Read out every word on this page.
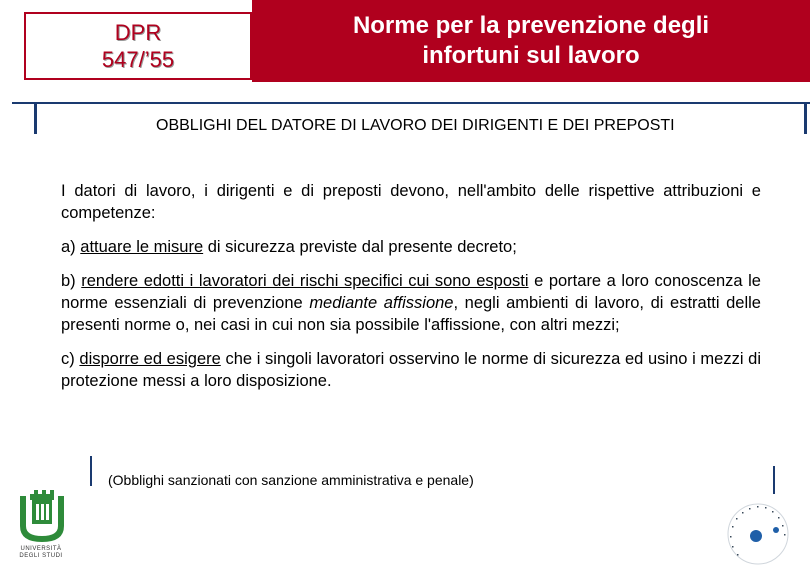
DPR
547/’55
Norme per la prevenzione degli
infortuni sul lavoro
OBBLIGHI DEL DATORE DI LAVORO DEI DIRIGENTI E DEI PREPOSTI

I datori di lavoro, i dirigenti e di preposti devono, nell'ambito delle rispettive attribuzioni e competenze:

a) attuare le misure di sicurezza previste dal presente decreto;

b) rendere edotti i lavoratori dei rischi specifici cui sono esposti e portare a loro conoscenza le norme essenziali di prevenzione mediante affissione, negli ambienti di lavoro, di estratti delle presenti norme o, nei casi in cui non sia possibile l'affissione, con altri mezzi;

c) disporre ed esigere che i singoli lavoratori osservino le norme di sicurezza ed usino i mezzi di protezione messi a loro disposizione.

(Obblighi sanzionati con sanzione amministrativa e penale)
UNIVERSITÀ
DEGLI STUDI
